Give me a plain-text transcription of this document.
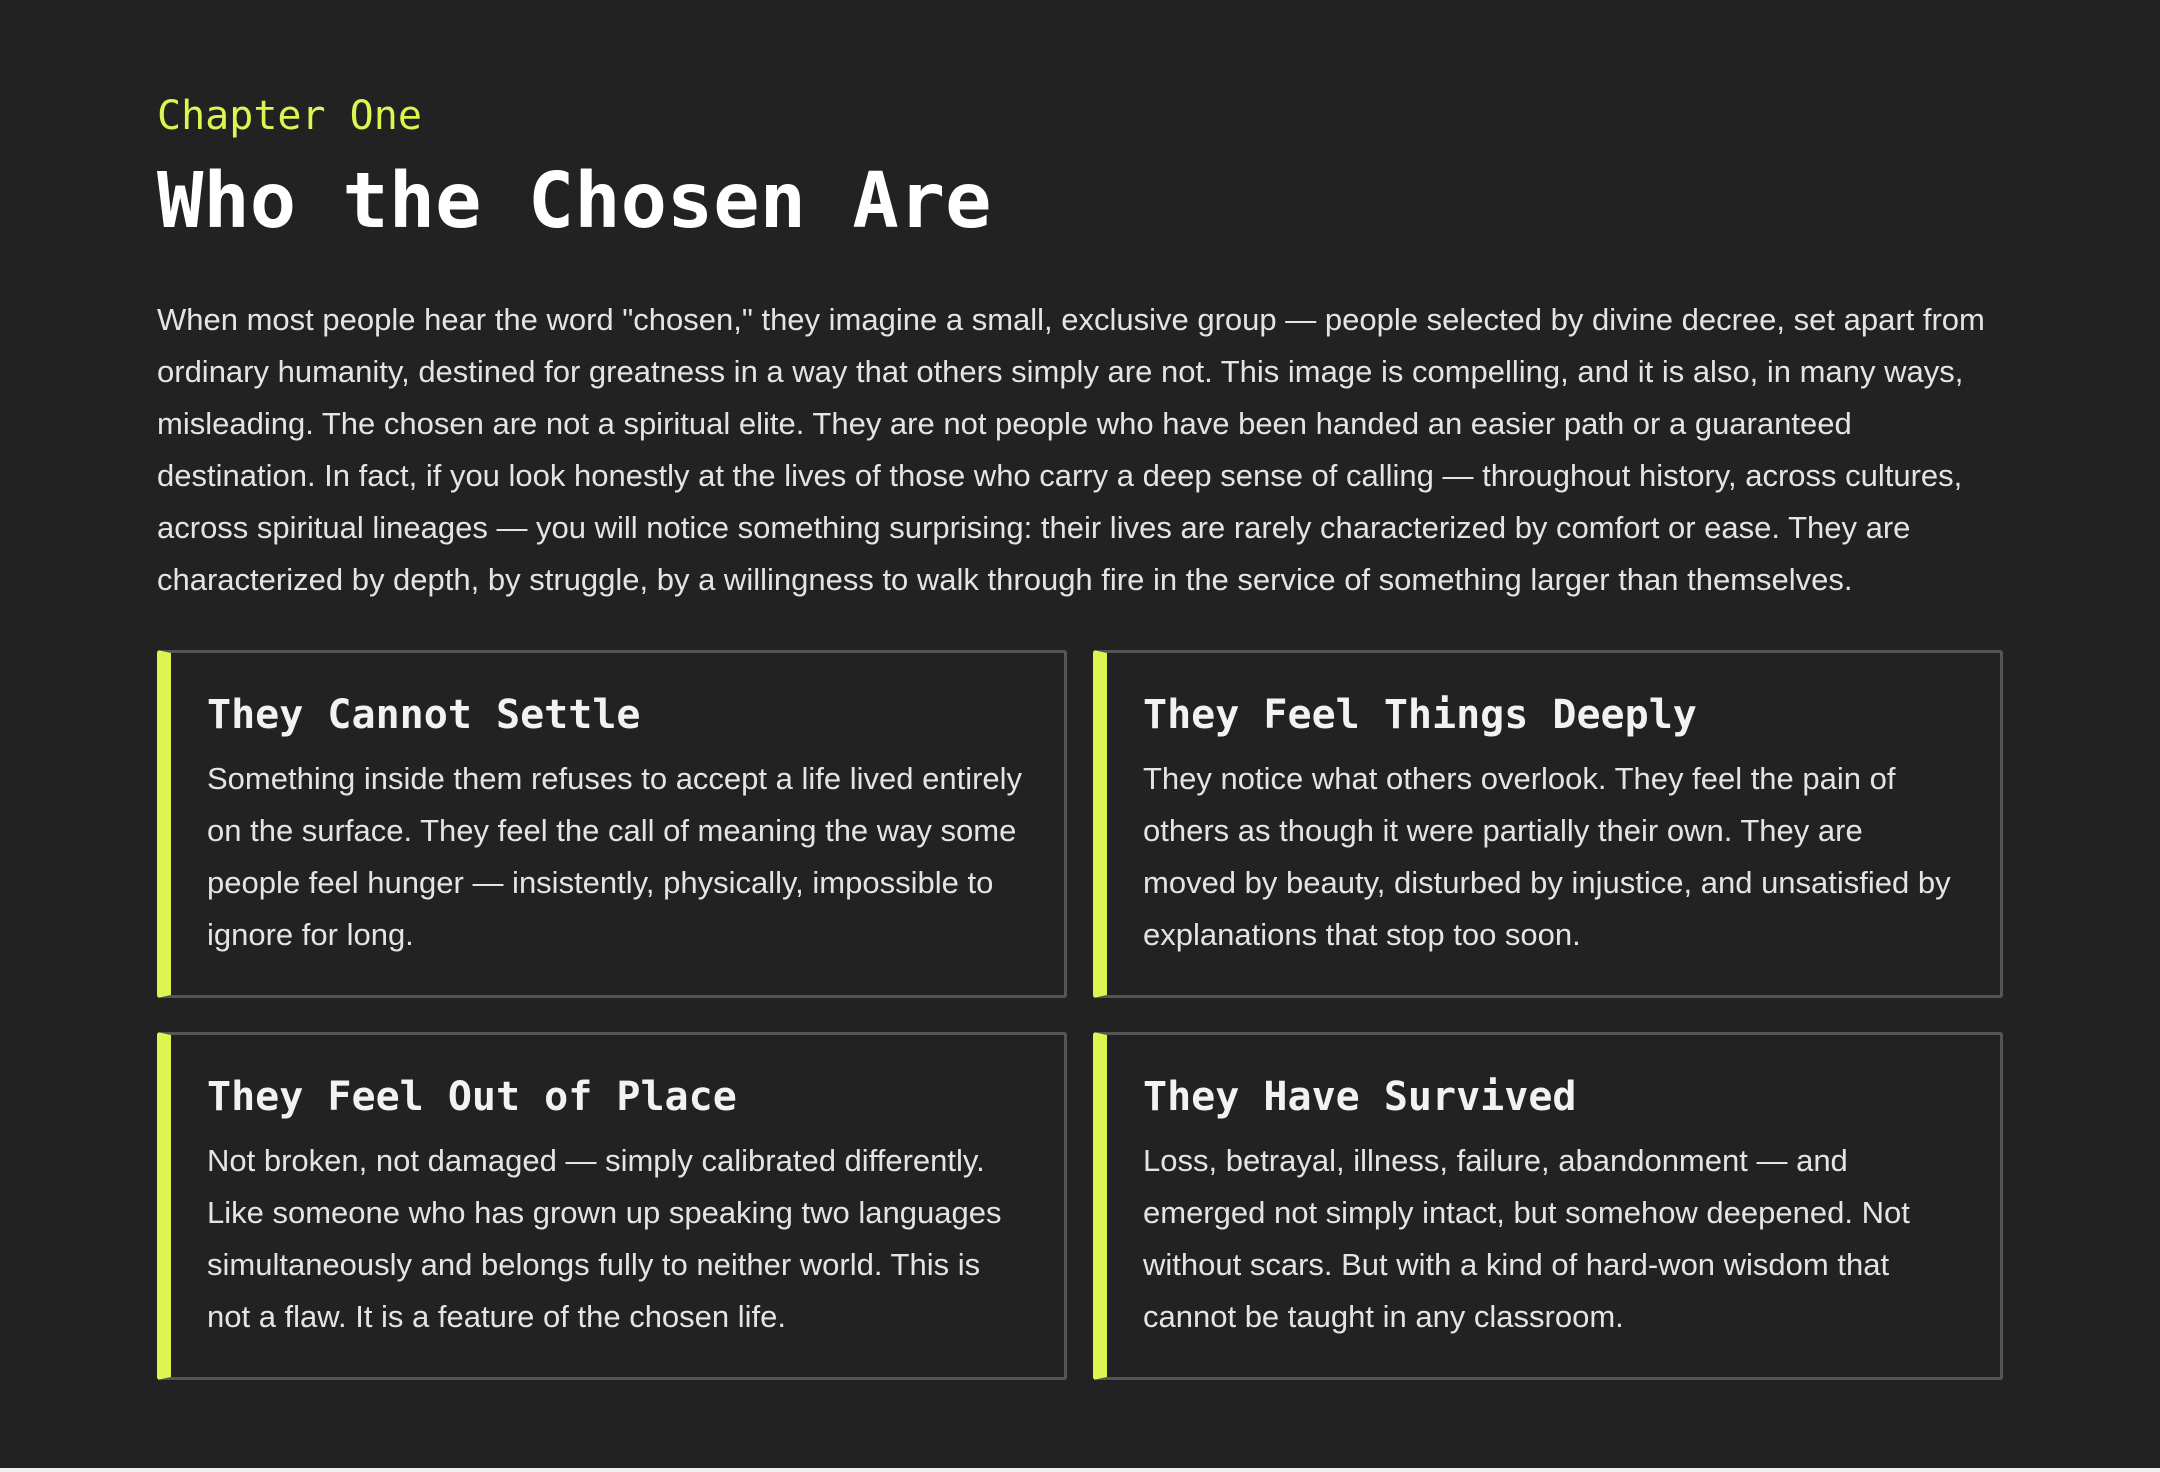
Chapter One

Who the Chosen Are

When most people hear the word "chosen," they imagine a small, exclusive group — people selected by divine decree, set apart from ordinary humanity, destined for greatness in a way that others simply are not. This image is compelling, and it is also, in many ways, misleading. The chosen are not a spiritual elite. They are not people who have been handed an easier path or a guaranteed destination. In fact, if you look honestly at the lives of those who carry a deep sense of calling — throughout history, across cultures, across spiritual lineages — you will notice something surprising: their lives are rarely characterized by comfort or ease. They are characterized by depth, by struggle, by a willingness to walk through fire in the service of something larger than themselves.

They Cannot Settle

Something inside them refuses to accept a life lived entirely on the surface. They feel the call of meaning the way some people feel hunger — insistently, physically, impossible to ignore for long.

They Feel Things Deeply

They notice what others overlook. They feel the pain of others as though it were partially their own. They are moved by beauty, disturbed by injustice, and unsatisfied by explanations that stop too soon.

They Feel Out of Place

Not broken, not damaged — simply calibrated differently. Like someone who has grown up speaking two languages simultaneously and belongs fully to neither world. This is not a flaw. It is a feature of the chosen life.

They Have Survived

Loss, betrayal, illness, failure, abandonment — and emerged not simply intact, but somehow deepened. Not without scars. But with a kind of hard-won wisdom that cannot be taught in any classroom.
